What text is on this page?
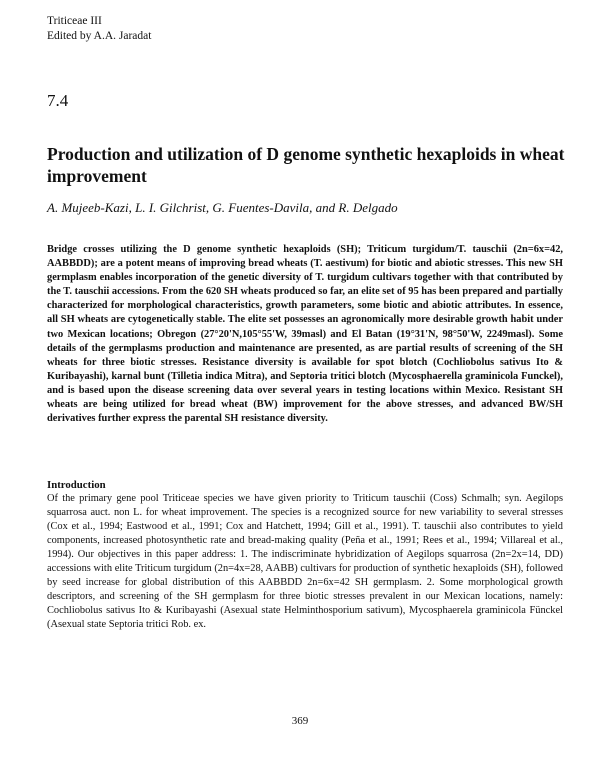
Triticeae III
Edited by A.A. Jaradat
7.4
Production and utilization of D genome synthetic hexaploids in wheat improvement
A. Mujeeb-Kazi, L. I. Gilchrist, G. Fuentes-Davila, and R. Delgado

Bridge crosses utilizing the D genome synthetic hexaploids (SH); Triticum turgidum/T. tauschii (2n=6x=42, AABBDD); are a potent means of improving bread wheats (T. aestivum) for biotic and abiotic stresses. This new SH germplasm enables incorporation of the genetic diversity of T. turgidum cultivars together with that contributed by the T. tauschii accessions. From the 620 SH wheats produced so far, an elite set of 95 has been prepared and partially characterized for morphological characteristics, growth parameters, some biotic and abiotic attributes. In essence, all SH wheats are cytogenetically stable. The elite set possesses an agronomically more desirable growth habit under two Mexican locations; Obregon (27°20'N,105°55'W, 39masl) and El Batan (19°31'N, 98°50'W, 2249masl). Some details of the germplasms production and maintenance are presented, as are partial results of screening of the SH wheats for three biotic stresses. Resistance diversity is available for spot blotch (Cochliobolus sativus Ito & Kuribayashi), karnal bunt (Tilletia indica Mitra), and Septoria tritici blotch (Mycosphaerella graminicola Funckel), and is based upon the disease screening data over several years in testing locations within Mexico. Resistant SH wheats are being utilized for bread wheat (BW) improvement for the above stresses, and advanced BW/SH derivatives further express the parental SH resistance diversity.

Introduction

Of the primary gene pool Triticeae species we have given priority to Triticum tauschii (Coss) Schmalh; syn. Aegilops squarrosa auct. non L. for wheat improvement. The species is a recognized source for new variability to several stresses (Cox et al., 1994; Eastwood et al., 1991; Cox and Hatchett, 1994; Gill et al., 1991). T. tauschii also contributes to yield components, increased photosynthetic rate and bread-making quality (Peña et al., 1991; Rees et al., 1994; Villareal et al., 1994). Our objectives in this paper address: 1. The indiscriminate hybridization of Aegilops squarrosa (2n=2x=14, DD) accessions with elite Triticum turgidum (2n=4x=28, AABB) cultivars for production of synthetic hexaploids (SH), followed by seed increase for global distribution of this AABBDD 2n=6x=42 SH germplasm. 2. Some morphological growth descriptors, and screening of the SH germplasm for three biotic stresses prevalent in our Mexican locations, namely: Cochliobolus sativus Ito & Kuribayashi (Asexual state Helminthosporium sativum), Mycosphaerela graminicola Fünckel (Asexual state Septoria tritici Rob. ex.

369
